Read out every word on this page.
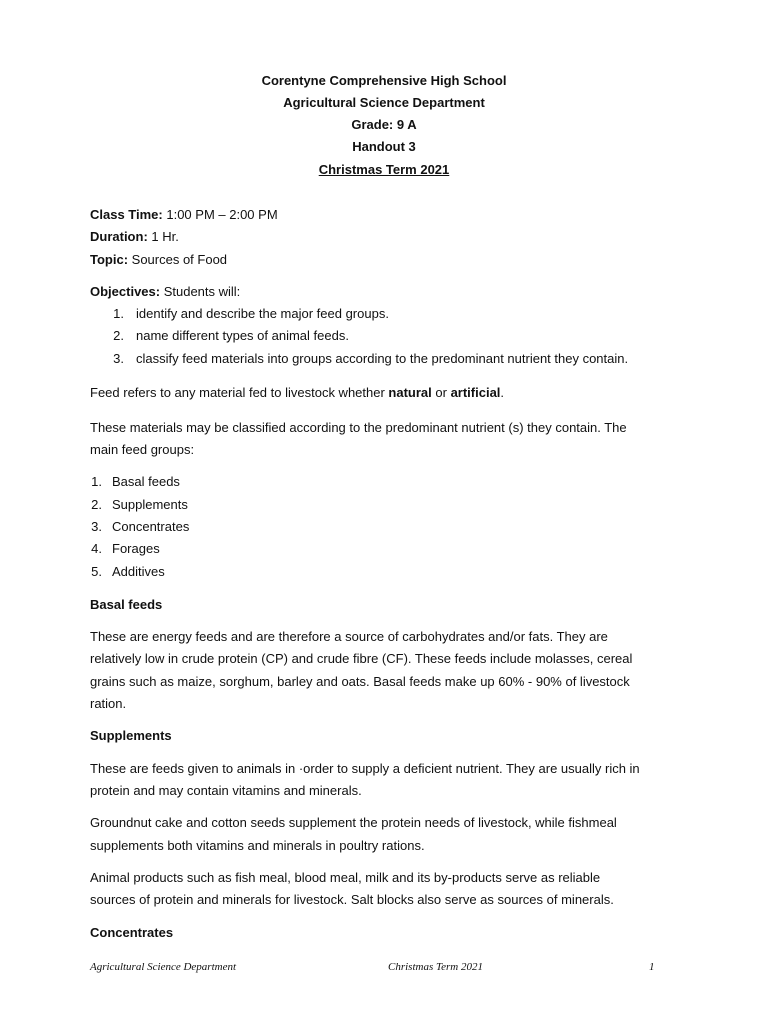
Corentyne Comprehensive High School
Agricultural Science Department
Grade: 9 A
Handout 3
Christmas Term 2021
Class Time: 1:00 PM – 2:00 PM
Duration: 1 Hr.
Topic: Sources of Food
Objectives: Students will:
1. identify and describe the major feed groups.
2. name different types of animal feeds.
3. classify feed materials into groups according to the predominant nutrient they contain.
Feed refers to any material fed to livestock whether natural or artificial.
These materials may be classified according to the predominant nutrient (s) they contain. The
main feed groups:
1. Basal feeds
2. Supplements
3. Concentrates
4. Forages
5. Additives
Basal feeds
These are energy feeds and are therefore a source of carbohydrates and/or fats. They are
relatively low in crude protein (CP) and crude fibre (CF). These feeds include molasses, cereal
grains such as maize, sorghum, barley and oats. Basal feeds make up 60% - 90% of livestock
ration.
Supplements
These are feeds given to animals in ·order to supply a deficient nutrient. They are usually rich in
protein and may contain vitamins and minerals.
Groundnut cake and cotton seeds supplement the protein needs of livestock, while fishmeal
supplements both vitamins and minerals in poultry rations.
Animal products such as fish meal, blood meal, milk and its by-products serve as reliable
sources of protein and minerals for livestock. Salt blocks also serve as sources of minerals.
Concentrates
Agricultural Science Department	Christmas Term 2021	1
